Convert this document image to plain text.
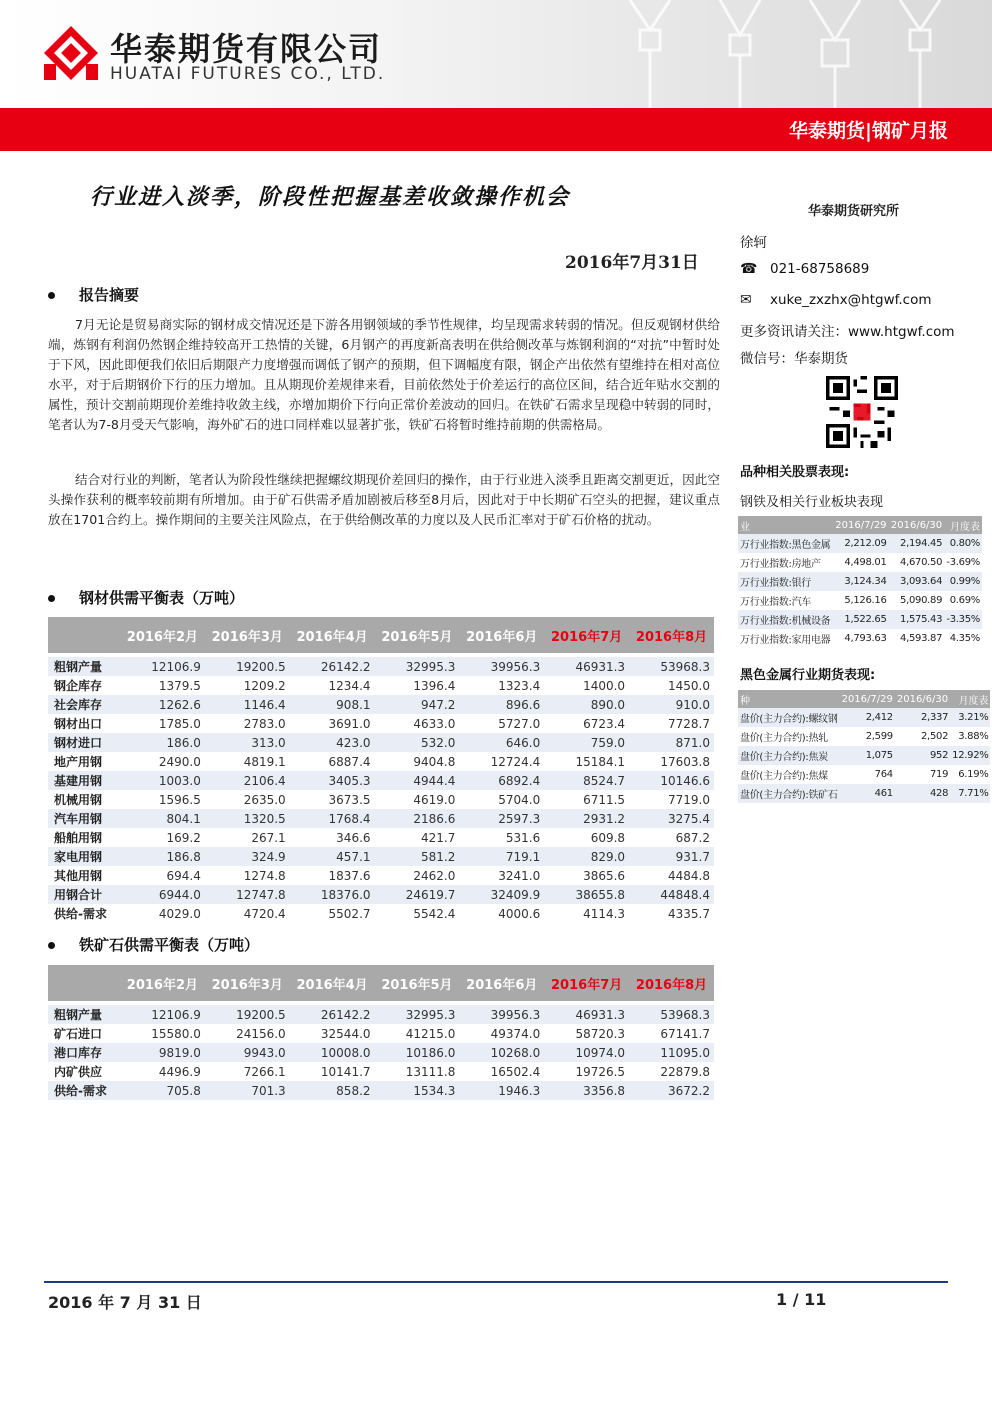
华泰期货有限公司
HUATAI FUTURES CO., LTD.
华泰期货|钢矿月报
行业进入淡季，阶段性把握基差收敛操作机会
2016年7月31日
报告摘要

7月无论是贸易商实际的钢材成交情况还是下游各用钢领域的季节性规律，均呈现需求转弱的情况。但反观钢材供给端，炼钢有利润仍然钢企维持较高开工热情的关键，6月钢产的再度新高表明在供给侧改革与炼钢利润的“对抗”中暂时处于下风，因此即便我们依旧后期限产力度增强而调低了钢产的预期，但下调幅度有限，钢企产出依然有望维持在相对高位水平，对于后期钢价下行的压力增加。且从期现价差规律来看，目前依然处于价差运行的高位区间，结合近年贴水交割的属性，预计交割前期现价差维持收敛主线，亦增加期价下行向正常价差波动的回归。在铁矿石需求呈现稳中转弱的同时，笔者认为7-8月受天气影响，海外矿石的进口同样难以显著扩张，铁矿石将暂时维持前期的供需格局。

结合对行业的判断，笔者认为阶段性继续把握螺纹期现价差回归的操作，由于行业进入淡季且距离交割更近，因此空头操作获利的概率较前期有所增加。由于矿石供需矛盾加剧被后移至8月后，因此对于中长期矿石空头的把握，建议重点放在1701合约上。操作期间的主要关注风险点，在于供给侧改革的力度以及人民币汇率对于矿石价格的扰动。

钢材供需平衡表（万吨）
	2016年2月	2016年3月	2016年4月	2016年5月	2016年6月	2016年7月	2016年8月

粗钢产量	12106.9	19200.5	26142.2	32995.3	39956.3	46931.3	53968.3
钢企库存	1379.5	1209.2	1234.4	1396.4	1323.4	1400.0	1450.0
社会库存	1262.6	1146.4	908.1	947.2	896.6	890.0	910.0
钢材出口	1785.0	2783.0	3691.0	4633.0	5727.0	6723.4	7728.7
钢材进口	186.0	313.0	423.0	532.0	646.0	759.0	871.0
地产用钢	2490.0	4819.1	6887.4	9404.8	12724.4	15184.1	17603.8
基建用钢	1003.0	2106.4	3405.3	4944.4	6892.4	8524.7	10146.6
机械用钢	1596.5	2635.0	3673.5	4619.0	5704.0	6711.5	7719.0
汽车用钢	804.1	1320.5	1768.4	2186.6	2597.3	2931.2	3275.4
船舶用钢	169.2	267.1	346.6	421.7	531.6	609.8	687.2
家电用钢	186.8	324.9	457.1	581.2	719.1	829.0	931.7
其他用钢	694.4	1274.8	1837.6	2462.0	3241.0	3865.6	4484.8
用钢合计	6944.0	12747.8	18376.0	24619.7	32409.9	38655.8	44848.4
供给-需求	4029.0	4720.4	5502.7	5542.4	4000.6	4114.3	4335.7
铁矿石供需平衡表（万吨）
	2016年2月	2016年3月	2016年4月	2016年5月	2016年6月	2016年7月	2016年8月

粗钢产量	12106.9	19200.5	26142.2	32995.3	39956.3	46931.3	53968.3
矿石进口	15580.0	24156.0	32544.0	41215.0	49374.0	58720.3	67141.7
港口库存	9819.0	9943.0	10008.0	10186.0	10268.0	10974.0	11095.0
内矿供应	4496.9	7266.1	10141.7	13111.8	16502.4	19726.5	22879.8
供给-需求	705.8	701.3	858.2	1534.3	1946.3	3356.8	3672.2
华泰期货研究所
徐轲
☎ 021-68758689
✉ xuke_zxzhx@htgwf.com
更多资讯请关注：www.htgwf.com
微信号：华泰期货
品种相关股票表现:
钢铁及相关行业板块表现
业	2016/7/29	2016/6/30	月度表
万行业指数:黑色金属	2,212.09	2,194.45	0.80%
万行业指数:房地产	4,498.01	4,670.50	-3.69%
万行业指数:银行	3,124.34	3,093.64	0.99%
万行业指数:汽车	5,126.16	5,090.89	0.69%
万行业指数:机械设备	1,522.65	1,575.43	-3.35%
万行业指数:家用电器	4,793.63	4,593.87	4.35%
黑色金属行业期货表现:
种	2016/7/29	2016/6/30	月度表
盘价(主力合约):螺纹钢	2,412	2,337	3.21%
盘价(主力合约):热轧	2,599	2,502	3.88%
盘价(主力合约):焦炭	1,075	952	12.92%
盘价(主力合约):焦煤	764	719	6.19%
盘价(主力合约):铁矿石	461	428	7.71%
2016 年 7 月 31 日	1 / 11
